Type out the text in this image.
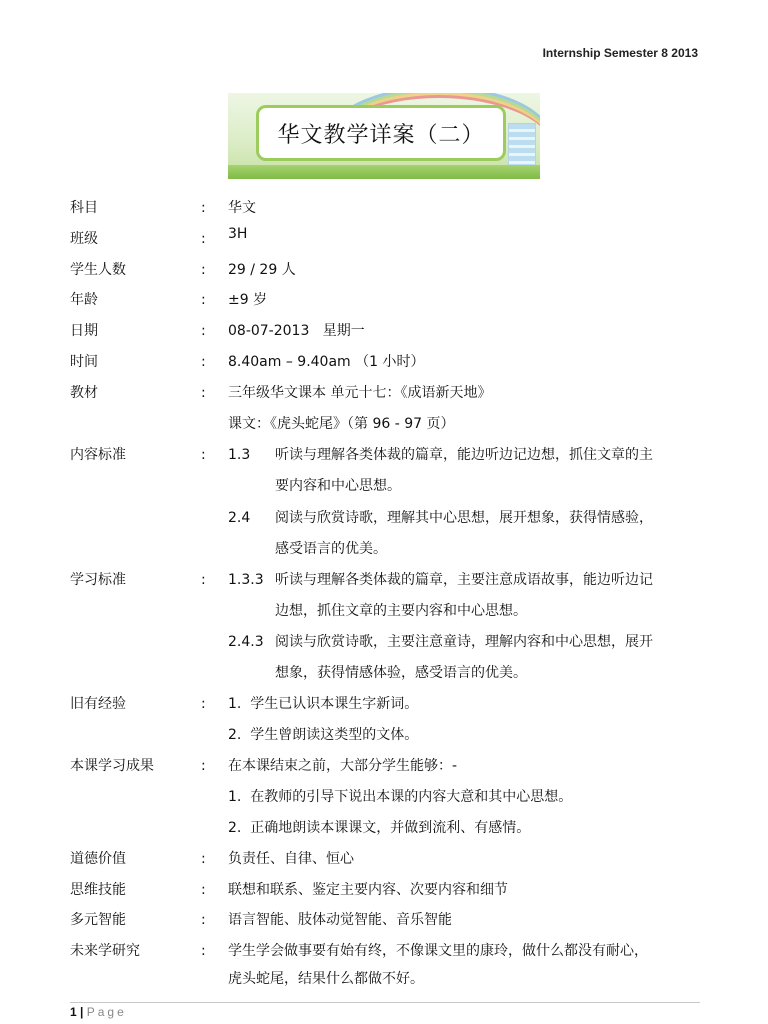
Internship Semester 8 2013
华文教学详案（二）
科目	: 华文
班级	: 3H
学生人数	: 29 / 29 人
年龄	: ±9 岁
日期	: 08-07-2013   星期一
时间	: 8.40am – 9.40am （1 小时）
教材	: 三年级华文课本 单元十七：《成语新天地》
课文：《虎头蛇尾》（第 96 - 97 页）
内容标准	: 1.3 听读与理解各类体裁的篇章，能边听边记边想，抓住文章的主
要内容和中心思想。
2.4 阅读与欣赏诗歌，理解其中心思想，展开想象，获得情感验，
感受语言的优美。
学习标准	: 1.3.3 听读与理解各类体裁的篇章，主要注意成语故事，能边听边记
边想，抓住文章的主要内容和中心思想。
2.4.3 阅读与欣赏诗歌，主要注意童诗，理解内容和中心思想，展开
想象，获得情感体验，感受语言的优美。
旧有经验	: 1.  学生已认识本课生字新词。
2.  学生曾朗读这类型的文体。
本课学习成果	: 在本课结束之前，大部分学生能够：-
1.  在教师的引导下说出本课的内容大意和其中心思想。
2.  正确地朗读本课课文，并做到流利、有感情。
道德价值	: 负责任、自律、恒心
思维技能	: 联想和联系、鉴定主要内容、次要内容和细节
多元智能	: 语言智能、肢体动觉智能、音乐智能
未来学研究	: 学生学会做事要有始有终，不像课文里的康玲，做什么都没有耐心，
虎头蛇尾，结果什么都做不好。
1 | Page
